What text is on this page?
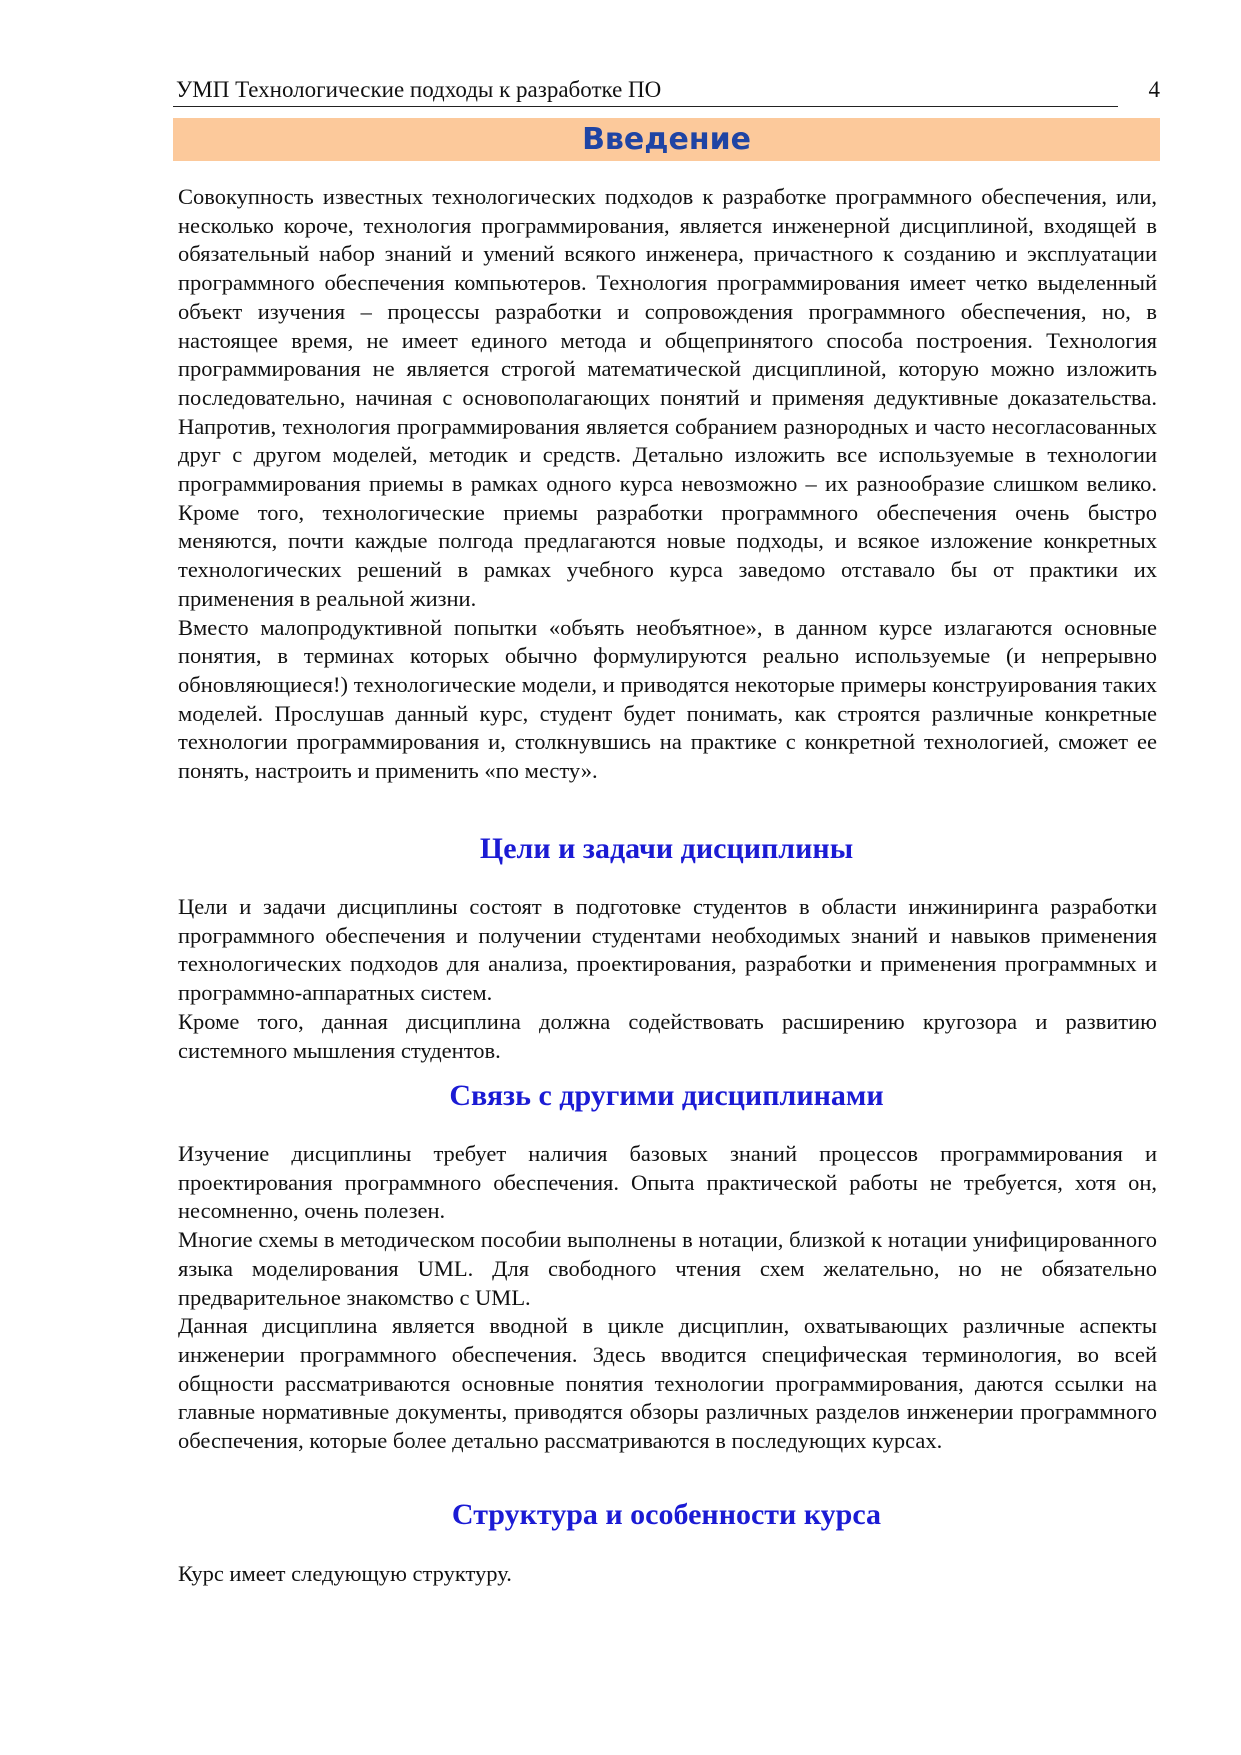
УМП Технологические подходы к разработке ПО	4
Введение

Совокупность известных технологических подходов к разработке программного обеспечения, или, несколько короче, технология программирования, является инженерной дисциплиной, входящей в обязательный набор знаний и умений всякого инженера, причастного к созданию и эксплуатации программного обеспечения компьютеров. Технология программирования имеет четко выделенный объект изучения – процессы разработки и сопровождения программного обеспечения, но, в настоящее время, не имеет единого метода и общепринятого способа построения. Технология программирования не является строгой математической дисциплиной, которую можно изложить последовательно, начиная с основополагающих понятий и применяя дедуктивные доказательства. Напротив, технология программирования является собранием разнородных и часто несогласованных друг с другом моделей, методик и средств. Детально изложить все используемые в технологии программирования приемы в рамках одного курса невозможно – их разнообразие слишком велико. Кроме того, технологические приемы разработки программного обеспечения очень быстро меняются, почти каждые полгода предлагаются новые подходы, и всякое изложение конкретных технологических решений в рамках учебного курса заведомо отставало бы от практики их применения в реальной жизни.

Вместо малопродуктивной попытки «объять необъятное», в данном курсе излагаются основные понятия, в терминах которых обычно формулируются реально используемые (и непрерывно обновляющиеся!) технологические модели, и приводятся некоторые примеры конструирования таких моделей. Прослушав данный курс, студент будет понимать, как строятся различные конкретные технологии программирования и, столкнувшись на практике с конкретной технологией, сможет ее понять, настроить и применить «по месту».

Цели и задачи дисциплины

Цели и задачи дисциплины состоят в подготовке студентов в области инжиниринга разработки программного обеспечения и получении студентами необходимых знаний и навыков применения технологических подходов для анализа, проектирования, разработки и применения программных и программно-аппаратных систем.

Кроме того, данная дисциплина должна содействовать расширению кругозора и развитию системного мышления студентов.

Связь с другими дисциплинами

Изучение дисциплины требует наличия базовых знаний процессов программирования и проектирования программного обеспечения. Опыта практической работы не требуется, хотя он, несомненно, очень полезен.

Многие схемы в методическом пособии выполнены в нотации, близкой к нотации унифицированного языка моделирования UML. Для свободного чтения схем желательно, но не обязательно предварительное знакомство с UML.

Данная дисциплина является вводной в цикле дисциплин, охватывающих различные аспекты инженерии программного обеспечения. Здесь вводится специфическая терминология, во всей общности рассматриваются основные понятия технологии программирования, даются ссылки на главные нормативные документы, приводятся обзоры различных разделов инженерии программного обеспечения, которые более детально рассматриваются в последующих курсах.

Структура и особенности курса

Курс имеет следующую структуру.
